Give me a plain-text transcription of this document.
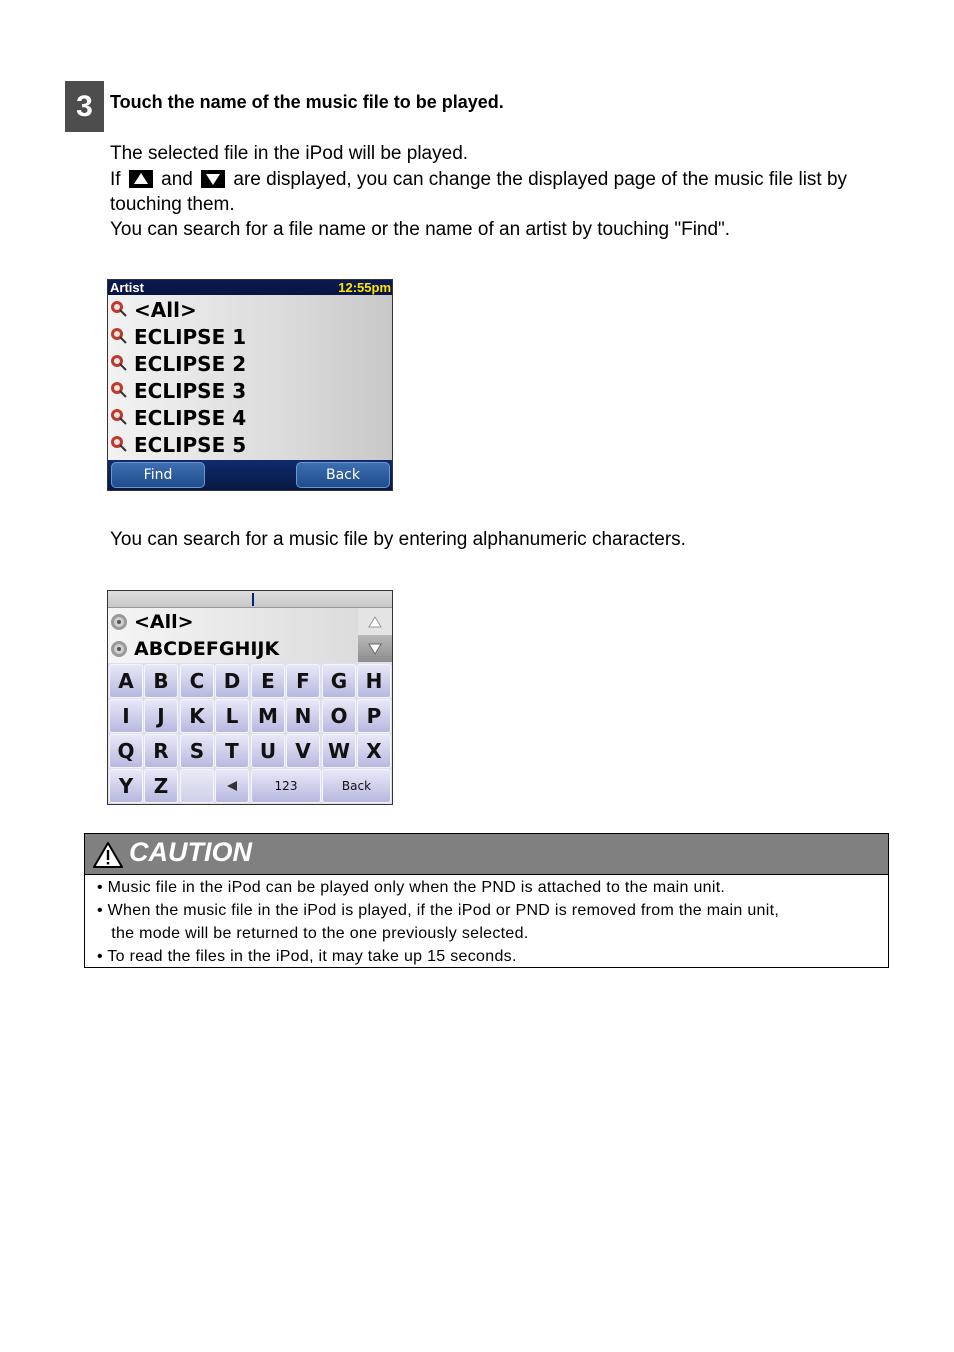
3 Touch the name of the music file to be played.
The selected file in the iPod will be played.
If and are displayed, you can change the displayed page of the music file list by
touching them.
You can search for a file name or the name of an artist by touching "Find".
Artist	12:55pm
<All>
ECLIPSE 1
ECLIPSE 2
ECLIPSE 3
ECLIPSE 4
ECLIPSE 5
Find	Back
You can search for a music file by entering alphanumeric characters.
<All>
ABCDEFGHIJK
A B	C D	E	F	G H
I	J	K	L M N O P
Q R	S	T	U V W X
Y	Z	123	Back
CAUTION
• Music file in the iPod can be played only when the PND is attached to the main unit.
• When the music file in the iPod is played, if the iPod or PND is removed from the main unit,
the mode will be returned to the one previously selected.
• To read the files in the iPod, it may take up 15 seconds.
